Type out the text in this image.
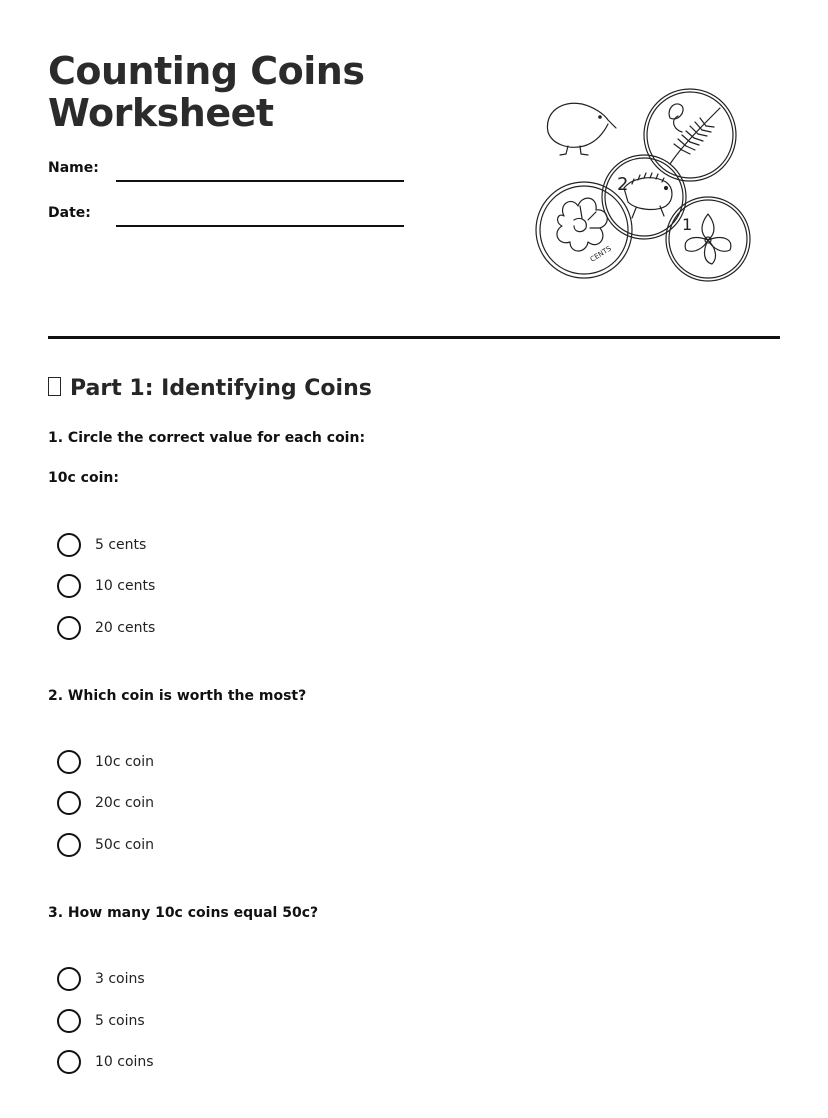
Counting Coins
Worksheet
Name:
Date:
2
CENTS
1
Part 1: Identifying Coins

1. Circle the correct value for each coin:

10c coin:

5 cents
10 cents
20 cents

2. Which coin is worth the most?

10c coin
20c coin
50c coin

3. How many 10c coins equal 50c?

3 coins
5 coins
10 coins
